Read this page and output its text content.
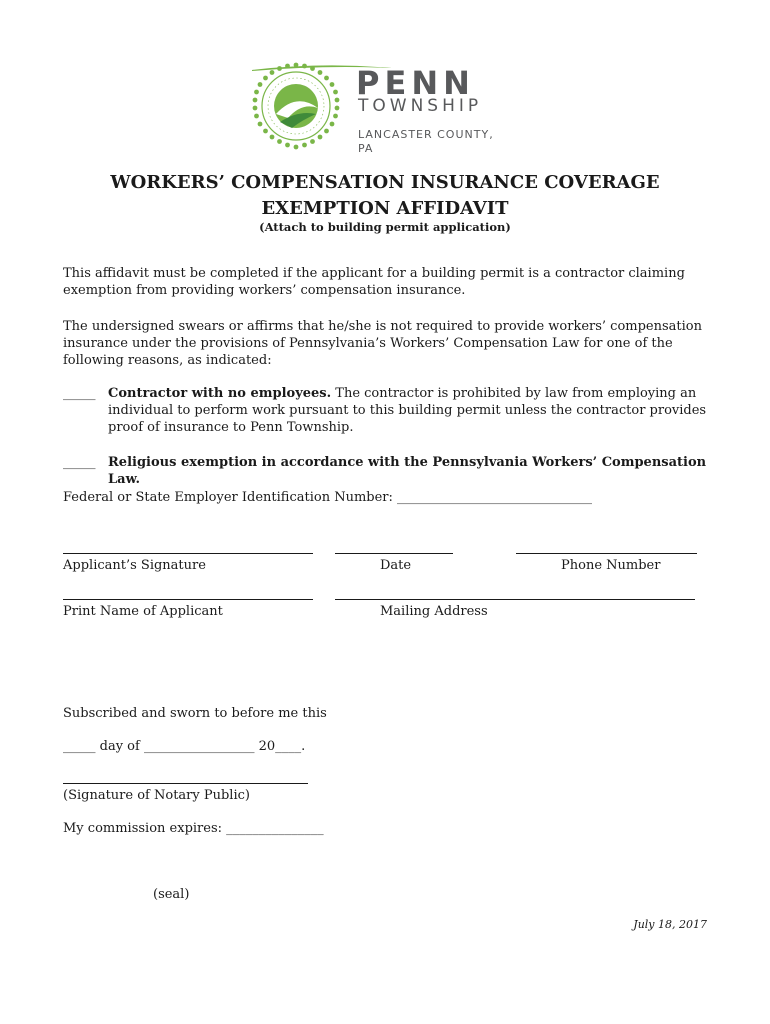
PENN
TOWNSHIP
LANCASTER COUNTY, PA
WORKERS’ COMPENSATION INSURANCE COVERAGE
EXEMPTION AFFIDAVIT
(Attach to building permit application)
This affidavit must be completed if the applicant for a building permit is a contractor claiming exemption from providing workers’ compensation insurance.
The undersigned swears or affirms that he/she is not required to provide workers’ compensation insurance under the provisions of Pennsylvania’s Workers’ Compensation Law for one of the following reasons, as indicated:
_____ Contractor with no employees. The contractor is prohibited by law from employing an individual to perform work pursuant to this building permit unless the contractor provides proof of insurance to Penn Township.
_____ Religious exemption in accordance with the Pennsylvania Workers’ Compensation Law.
Federal or State Employer Identification Number: ______________________________
Applicant’s Signature	Date	Phone Number
Print Name of Applicant	Mailing Address
Subscribed and sworn to before me this
_____ day of _________________ 20____.
(Signature of Notary Public)
My commission expires: _______________
(seal)
July 18, 2017
